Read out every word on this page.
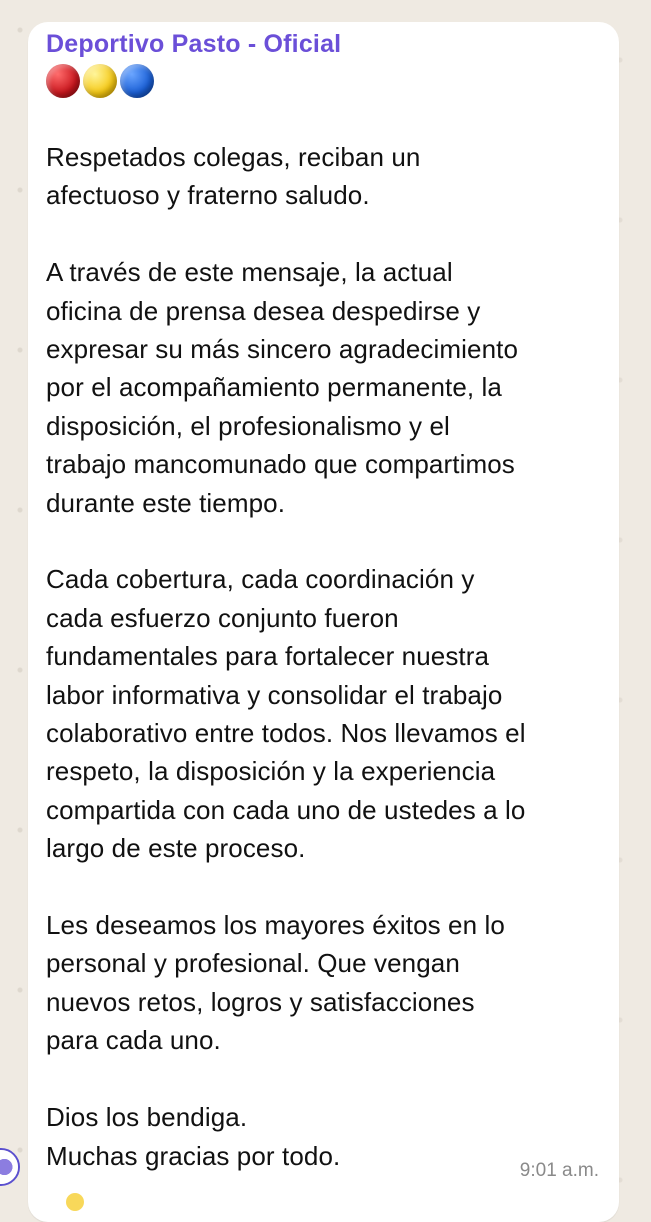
Deportivo Pasto - Oficial
Respetados colegas, reciban un
afectuoso y fraterno saludo.
A través de este mensaje, la actual
oficina de prensa desea despedirse y
expresar su más sincero agradecimiento
por el acompañamiento permanente, la
disposición, el profesionalismo y el
trabajo mancomunado que compartimos
durante este tiempo.
Cada cobertura, cada coordinación y
cada esfuerzo conjunto fueron
fundamentales para fortalecer nuestra
labor informativa y consolidar el trabajo
colaborativo entre todos. Nos llevamos el
respeto, la disposición y la experiencia
compartida con cada uno de ustedes a lo
largo de este proceso.
Les deseamos los mayores éxitos en lo
personal y profesional. Que vengan
nuevos retos, logros y satisfacciones
para cada uno.
Dios los bendiga.
Muchas gracias por todo.	9:01 a.m.
